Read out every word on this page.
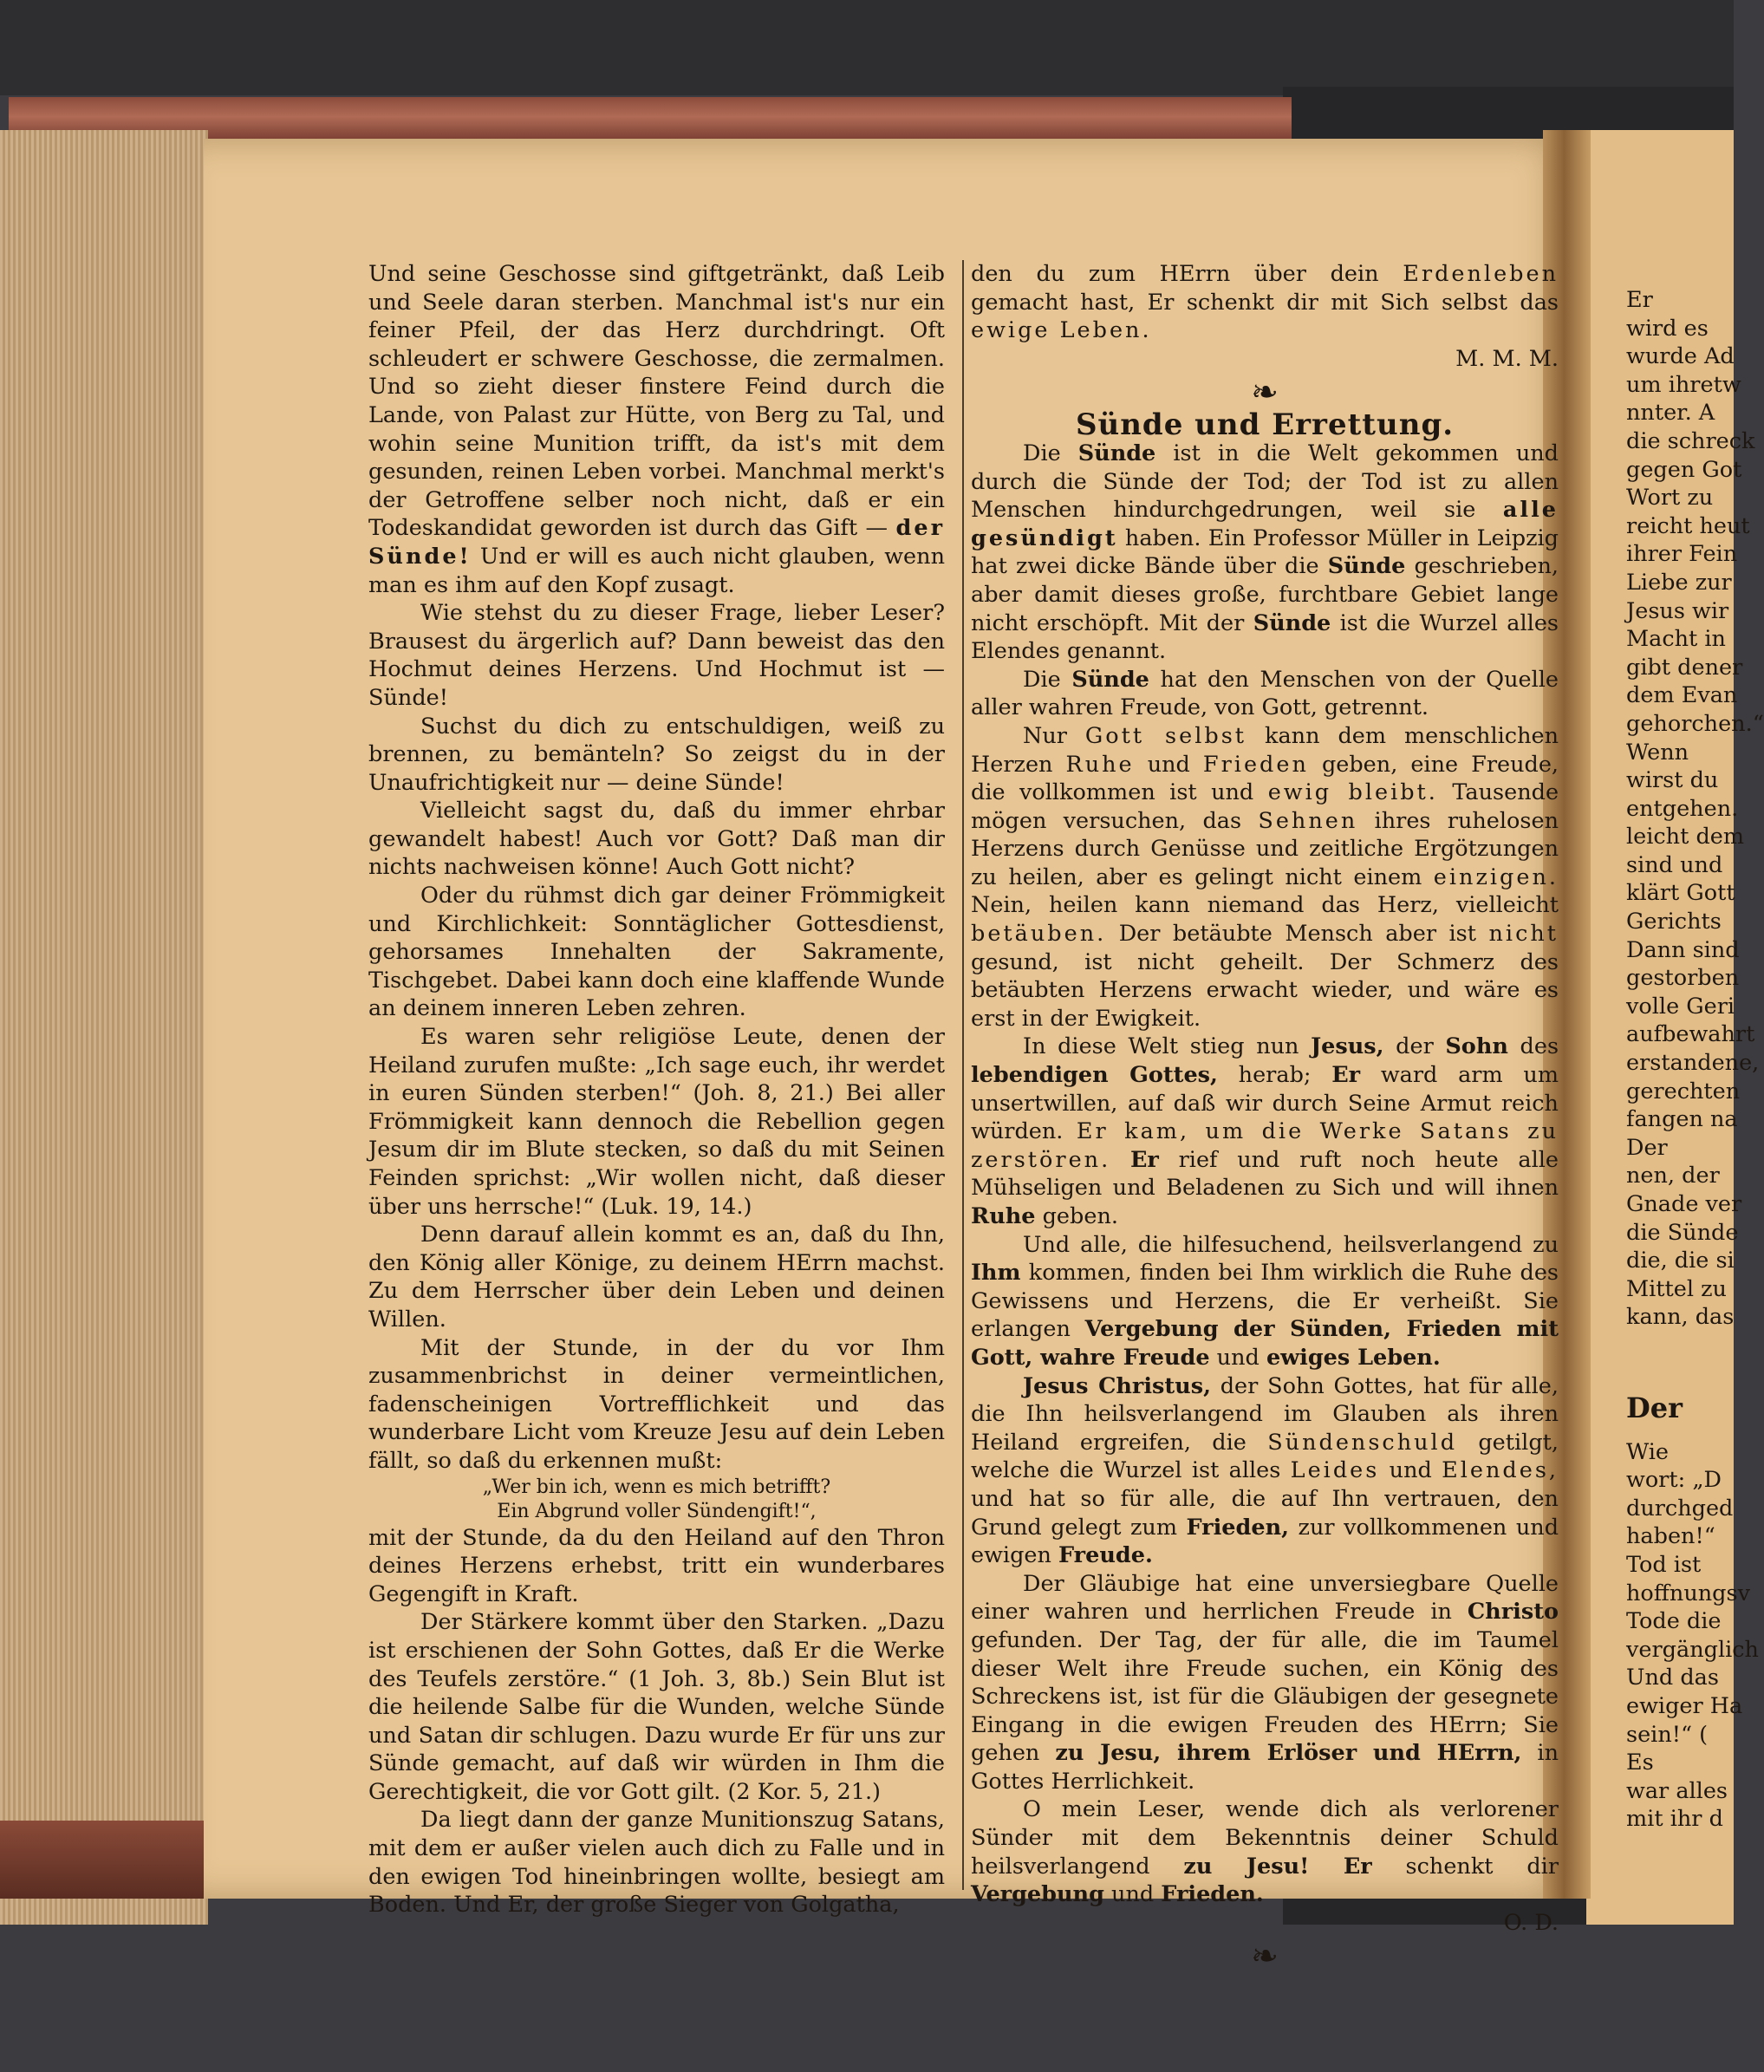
Und seine Geschosse sind giftgetränkt, daß Leib und Seele daran sterben. Manchmal ist's nur ein feiner Pfeil, der das Herz durchdringt. Oft schleudert er schwere Geschosse, die zermalmen. Und so zieht dieser finstere Feind durch die Lande, von Palast zur Hütte, von Berg zu Tal, und wohin seine Munition trifft, da ist's mit dem gesunden, reinen Leben vorbei. Manchmal merkt's der Getroffene selber noch nicht, daß er ein Todeskandidat geworden ist durch das Gift — der Sünde! Und er will es auch nicht glauben, wenn man es ihm auf den Kopf zusagt.

Wie stehst du zu dieser Frage, lieber Leser? Brausest du ärgerlich auf? Dann beweist das den Hochmut deines Herzens. Und Hochmut ist — Sünde!

Suchst du dich zu entschuldigen, weiß zu brennen, zu bemänteln? So zeigst du in der Unaufrichtigkeit nur — deine Sünde!

Vielleicht sagst du, daß du immer ehrbar gewandelt habest! Auch vor Gott? Daß man dir nichts nachweisen könne! Auch Gott nicht?

Oder du rühmst dich gar deiner Frömmigkeit und Kirchlichkeit: Sonntäglicher Gottesdienst, gehorsames Innehalten der Sakramente, Tischgebet. Dabei kann doch eine klaffende Wunde an deinem inneren Leben zehren.

Es waren sehr religiöse Leute, denen der Heiland zurufen mußte: „Ich sage euch, ihr werdet in euren Sünden sterben!“ (Joh. 8, 21.) Bei aller Frömmigkeit kann dennoch die Rebellion gegen Jesum dir im Blute stecken, so daß du mit Seinen Feinden sprichst: „Wir wollen nicht, daß dieser über uns herrsche!“ (Luk. 19, 14.)

Denn darauf allein kommt es an, daß du Ihn, den König aller Könige, zu deinem HErrn machst. Zu dem Herrscher über dein Leben und deinen Willen.

Mit der Stunde, in der du vor Ihm zusammenbrichst in deiner vermeintlichen, fadenscheinigen Vortrefflichkeit und das wunderbare Licht vom Kreuze Jesu auf dein Leben fällt, so daß du erkennen mußt:

„Wer bin ich, wenn es mich betrifft?

Ein Abgrund voller Sündengift!“,

mit der Stunde, da du den Heiland auf den Thron deines Herzens erhebst, tritt ein wunderbares Gegengift in Kraft.

Der Stärkere kommt über den Starken. „Dazu ist erschienen der Sohn Gottes, daß Er die Werke des Teufels zerstöre.“ (1 Joh. 3, 8b.) Sein Blut ist die heilende Salbe für die Wunden, welche Sünde und Satan dir schlugen. Dazu wurde Er für uns zur Sünde gemacht, auf daß wir würden in Ihm die Gerechtigkeit, die vor Gott gilt. (2 Kor. 5, 21.)

Da liegt dann der ganze Munitionszug Satans, mit dem er außer vielen auch dich zu Falle und in den ewigen Tod hineinbringen wollte, besiegt am Boden. Und Er, der große Sieger von Golgatha,

den du zum HErrn über dein Erdenleben gemacht hast, Er schenkt dir mit Sich selbst das ewige Leben.

M. M. M.

❧

Sünde und Errettung.

Die Sünde ist in die Welt gekommen und durch die Sünde der Tod; der Tod ist zu allen Menschen hindurchgedrungen, weil sie alle gesündigt haben. Ein Professor Müller in Leipzig hat zwei dicke Bände über die Sünde geschrieben, aber damit dieses große, furchtbare Gebiet lange nicht erschöpft. Mit der Sünde ist die Wurzel alles Elendes genannt.

Die Sünde hat den Menschen von der Quelle aller wahren Freude, von Gott, getrennt.

Nur Gott selbst kann dem menschlichen Herzen Ruhe und Frieden geben, eine Freude, die vollkommen ist und ewig bleibt. Tausende mögen versuchen, das Sehnen ihres ruhelosen Herzens durch Genüsse und zeitliche Ergötzungen zu heilen, aber es gelingt nicht einem einzigen. Nein, heilen kann niemand das Herz, vielleicht betäuben. Der betäubte Mensch aber ist nicht gesund, ist nicht geheilt. Der Schmerz des betäubten Herzens erwacht wieder, und wäre es erst in der Ewigkeit.

In diese Welt stieg nun Jesus, der Sohn des lebendigen Gottes, herab; Er ward arm um unsertwillen, auf daß wir durch Seine Armut reich würden. Er kam, um die Werke Satans zu zerstören. Er rief und ruft noch heute alle Mühseligen und Beladenen zu Sich und will ihnen Ruhe geben.

Und alle, die hilfesuchend, heilsverlangend zu Ihm kommen, finden bei Ihm wirklich die Ruhe des Gewissens und Herzens, die Er verheißt. Sie erlangen Vergebung der Sünden, Frieden mit Gott, wahre Freude und ewiges Leben.

Jesus Christus, der Sohn Gottes, hat für alle, die Ihn heilsverlangend im Glauben als ihren Heiland ergreifen, die Sündenschuld getilgt, welche die Wurzel ist alles Leides und Elendes, und hat so für alle, die auf Ihn vertrauen, den Grund gelegt zum Frieden, zur vollkommenen und ewigen Freude.

Der Gläubige hat eine unversiegbare Quelle einer wahren und herrlichen Freude in Christo gefunden. Der Tag, der für alle, die im Taumel dieser Welt ihre Freude suchen, ein König des Schreckens ist, ist für die Gläubigen der gesegnete Eingang in die ewigen Freuden des HErrn; Sie gehen zu Jesu, ihrem Erlöser und HErrn, in Gottes Herrlichkeit.

O mein Leser, wende dich als verlorener Sünder mit dem Bekenntnis deiner Schuld heilsverlangend zu Jesu! Er schenkt dir Vergebung und Frieden.

O. D.

❧

Er
wird es
wurde Ad
um ihretw
nnter. A
die schreck
gegen Got
Wort zu
reicht heut
ihrer Fein
Liebe zur
Jesus wir
Macht in
gibt dener
dem Evan
gehorchen.“
Wenn
wirst du
entgehen.
leicht dem
sind und
klärt Gott
Gerichts
Dann sind
gestorben
volle Geri
aufbewahrt
erstandene,
gerechten
fangen na
Der
nen, der
Gnade ver
die Sünde
die, die si
Mittel zu
kann, das
Der
Wie
wort: „D
durchged
haben!“
Tod ist
hoffnungsv
Tode die
vergänglich
Und das
ewiger Ha
sein!“ (
Es
war alles
mit ihr d
